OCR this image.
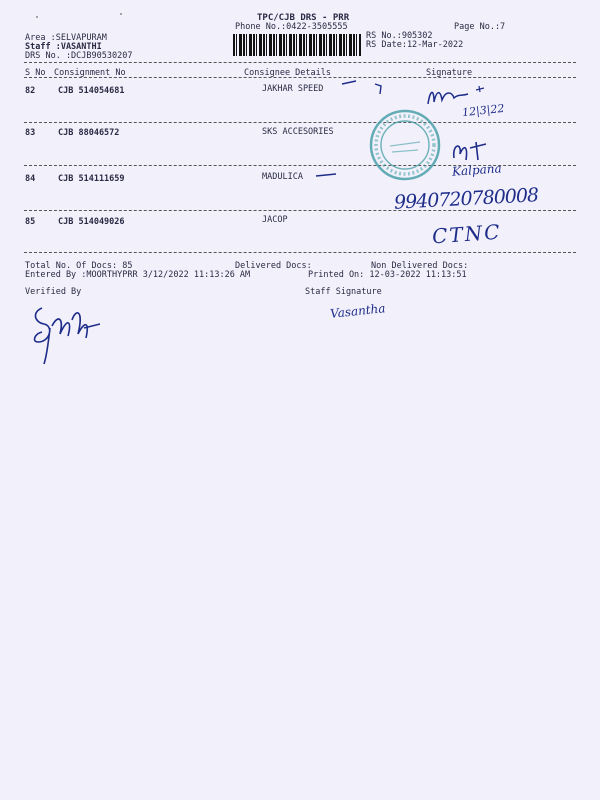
TPC/CJB DRS - PRR
Phone No.:0422-3505555	Page No.:7
Area :SELVAPURAM
Staff :VASANTHI
DRS No. :DCJB90530207
RS No.:905302
RS Date:12-Mar-2022
S No Consignment No	Consignee Details	Signature
82	CJB 514054681	JAKHAR SPEED
83	CJB 88046572	SKS ACCESORIES
84	CJB 514111659	MADULICA
85	CJB 514049026	JACOP
Total No. Of Docs: 85	Delivered Docs:	Non Delivered Docs:
Entered By :MOORTHYPRR 3/12/2022 11:13:26 AM	Printed On: 12-03-2022 11:13:51
Verified By	Staff Signature
12|3|22
Kalpana
9940720780008
CTNC
Vasantha
